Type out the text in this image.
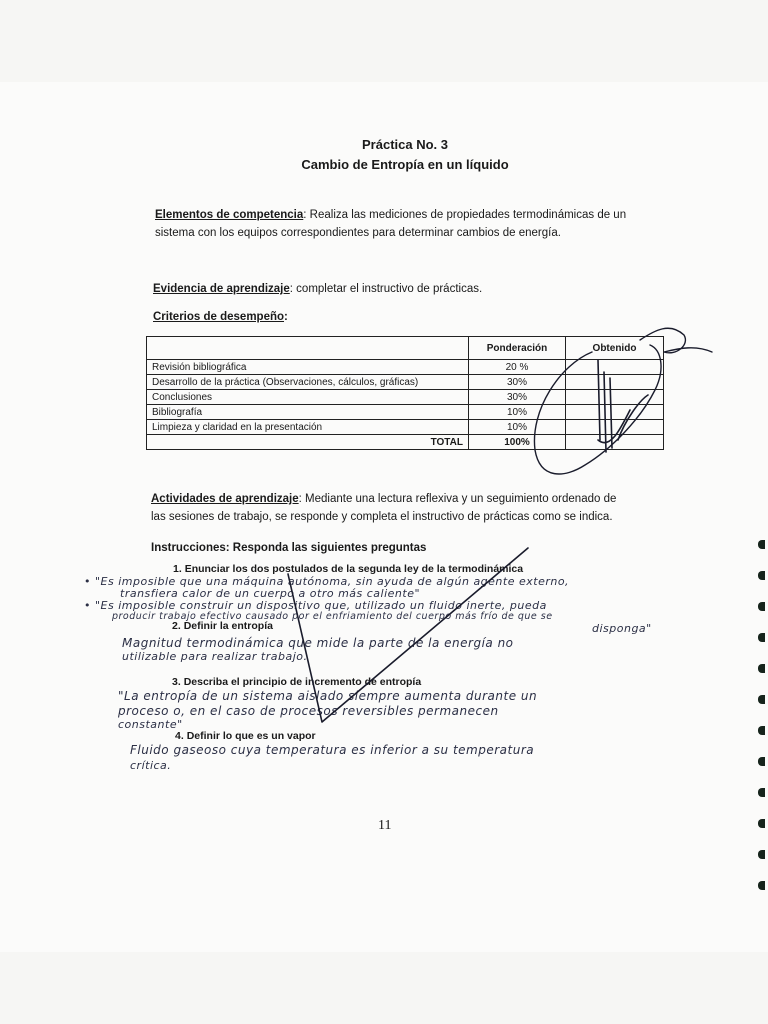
Práctica No. 3
Cambio de Entropía en un líquido
Elementos de competencia: Realiza las mediciones de propiedades termodinámicas de un
sistema con los equipos correspondientes para determinar cambios de energía.
Evidencia de aprendizaje: completar el instructivo de prácticas.
Criterios de desempeño:
	Ponderación	Obtenido
Revisión bibliográfica	20 %	
Desarrollo de la práctica (Observaciones, cálculos, gráficas)	30%	
Conclusiones	30%	
Bibliografía	10%	
Limpieza y claridad en la presentación	10%	
TOTAL	100%	
Actividades de aprendizaje: Mediante una lectura reflexiva y un seguimiento ordenado de
las sesiones de trabajo, se responde y completa el instructivo de prácticas como se indica.
Instrucciones: Responda las siguientes preguntas
1. Enunciar los dos postulados de la segunda ley de la termodinámica
• "Es imposible que una máquina autónoma, sin ayuda de algún agente externo,
transfiera calor de un cuerpo a otro más caliente"
• "Es imposible construir un dispositivo que, utilizado un fluido inerte, pueda
producir trabajo efectivo causado por el enfriamiento del cuerpo más frío de que se
disponga"
2. Definir la entropía
Magnitud termodinámica que mide la parte de la energía no
utilizable para realizar trabajo.
3. Describa el principio de incremento de entropía
"La entropía de un sistema aislado siempre aumenta durante un
proceso o, en el caso de procesos reversibles permanecen
constante"
4. Definir lo que es un vapor
Fluido gaseoso cuya temperatura es inferior a su temperatura
crítica.
11
